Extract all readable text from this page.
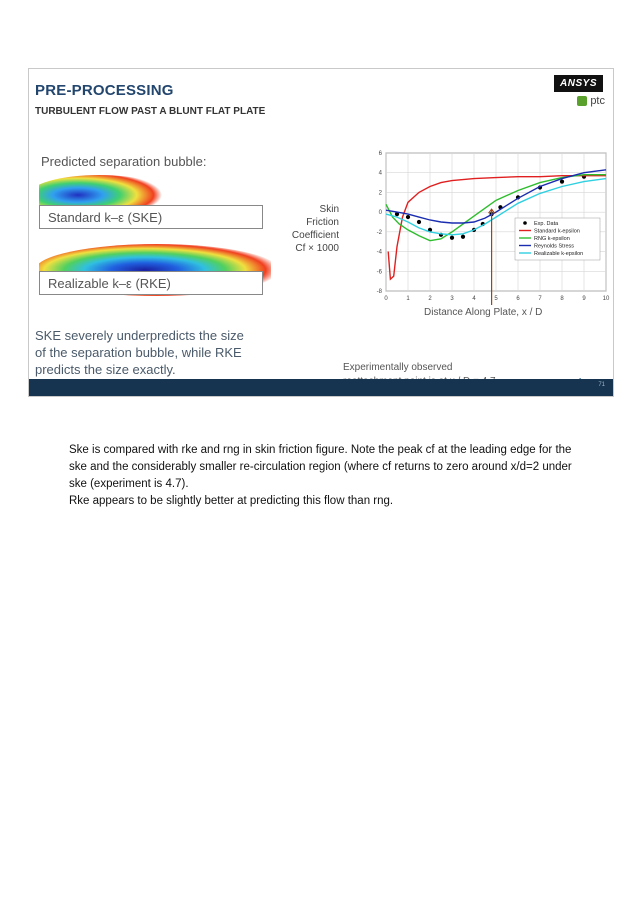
PRE-PROCESSING
TURBULENT FLOW PAST A BLUNT FLAT PLATE
ANSYS
ptc
Predicted separation bubble:
Standard k–ε (SKE)
Realizable k–ε (RKE)
Skin
Friction
Coefficient
Cf × 1000
0	1	2	3	4	5	6	7	8	9	10
-8
-6
-4
-2
0
2
4
6
Exp. Data
Standard k-epsilon
RNG k-epsilon
Reynolds Stress
Realizable k-epsilon
Distance Along Plate, x / D
SKE severely underpredicts the size
of the separation bubble, while RKE
predicts the size exactly.	Experimentally observed
71

Ske is compared with rke and rng in skin friction figure. Note the peak cf at the leading edge for the ske and the considerably smaller re-circulation region (where cf returns to zero around x/d=2 under ske (experiment is 4.7).

Rke appears to be slightly better at predicting this flow than rng.
